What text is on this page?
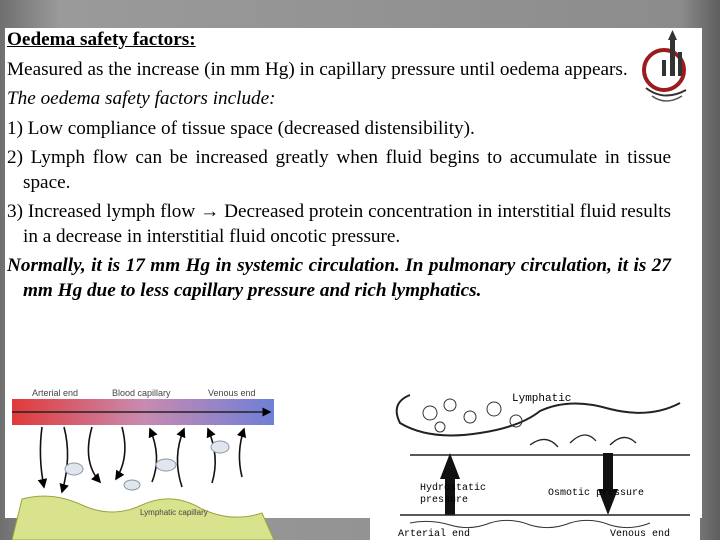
Oedema safety factors:

Measured as the increase (in mm Hg) in capillary pressure until oedema appears.

The oedema safety factors include:

1) Low compliance of tissue space (decreased distensibility).

2) Lymph flow can be increased greatly when fluid begins to accumulate in tissue space.

3) Increased lymph flow → Decreased protein concentration in interstitial fluid results in a decrease in interstitial fluid oncotic pressure.

Normally, it is 17 mm Hg in systemic circulation. In pulmonary circulation, it is 27 mm Hg due to less capillary pressure and rich lymphatics.

Arterial end	Blood capillary	Venous end
Lymphatic capillary
Lymphatic
Hydrostatic
pressure
Osmotic pressure
Arterial end	Venous end
